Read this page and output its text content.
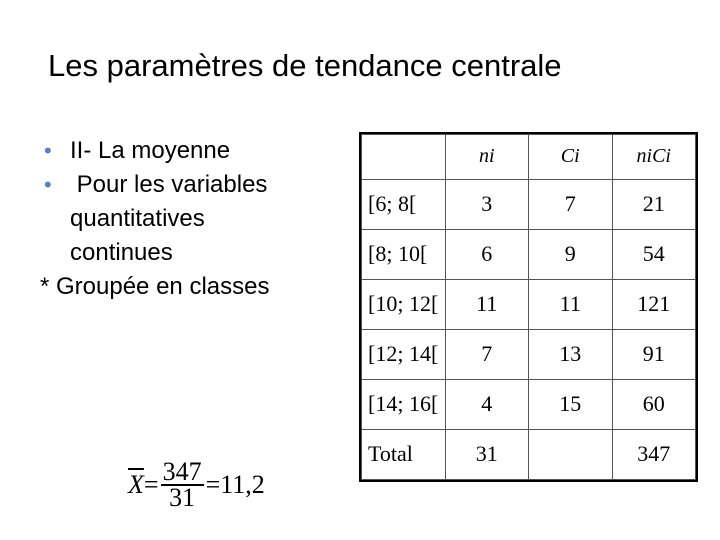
Les paramètres de tendance centrale
• II- La moyenne
• Pour les variables
quantitatives
continues
* Groupée en classes
	ni	Ci	niCi
[6; 8[	3	7	21
[8; 10[	6	9	54
[10; 12[	11	11	121
[12; 14[	7	13	91
[14; 16[	4	15	60
Total	31		347
$\overline{X} = \frac{347}{31} = 11,2$
